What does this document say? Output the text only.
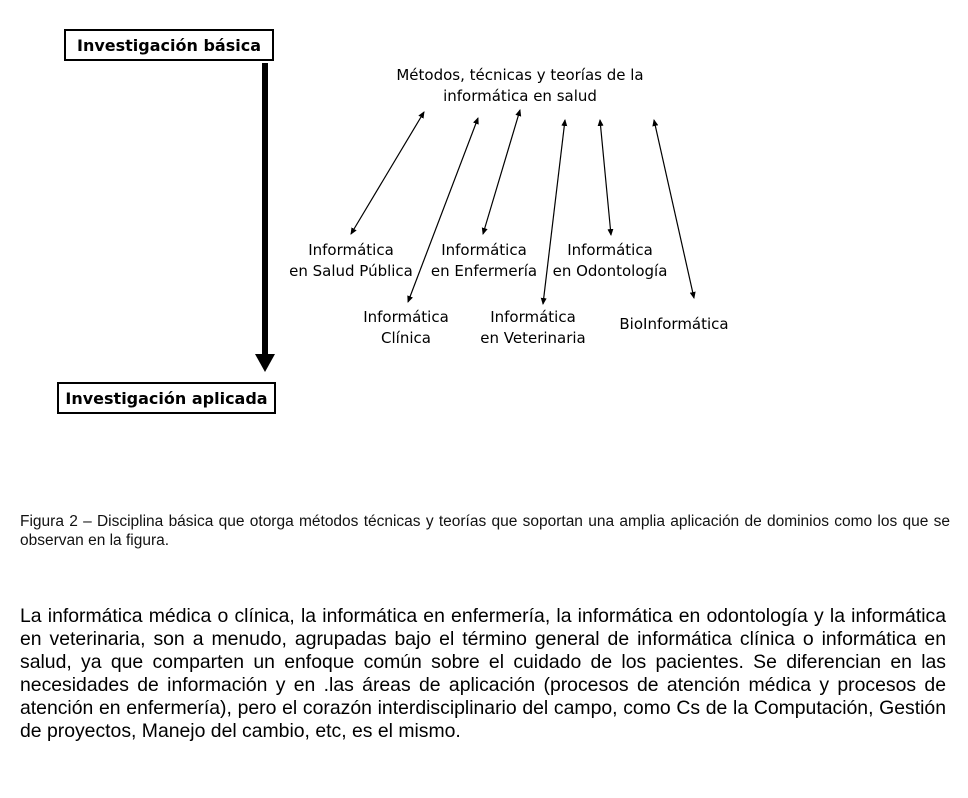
Investigación básica
Investigación aplicada
Métodos, técnicas y teorías de la
informática en salud
Informática
en Salud Pública
Informática
en Enfermería
Informática
en Odontología
Informática
Clínica
Informática
en Veterinaria
BioInformática
Figura 2 – Disciplina básica que otorga métodos técnicas y teorías que soportan una amplia aplicación de dominios como los que se observan en la figura.
La informática médica o clínica, la informática en enfermería, la informática en odontología y la informática en veterinaria, son a menudo, agrupadas bajo el término general de informática clínica o informática en salud, ya que comparten un enfoque común sobre el cuidado de los pacientes. Se diferencian en las necesidades de información y en .las áreas de aplicación (procesos de atención médica y procesos de atención en enfermería), pero el corazón interdisciplinario del campo, como Cs de la Computación, Gestión de proyectos, Manejo del cambio, etc, es el mismo.
